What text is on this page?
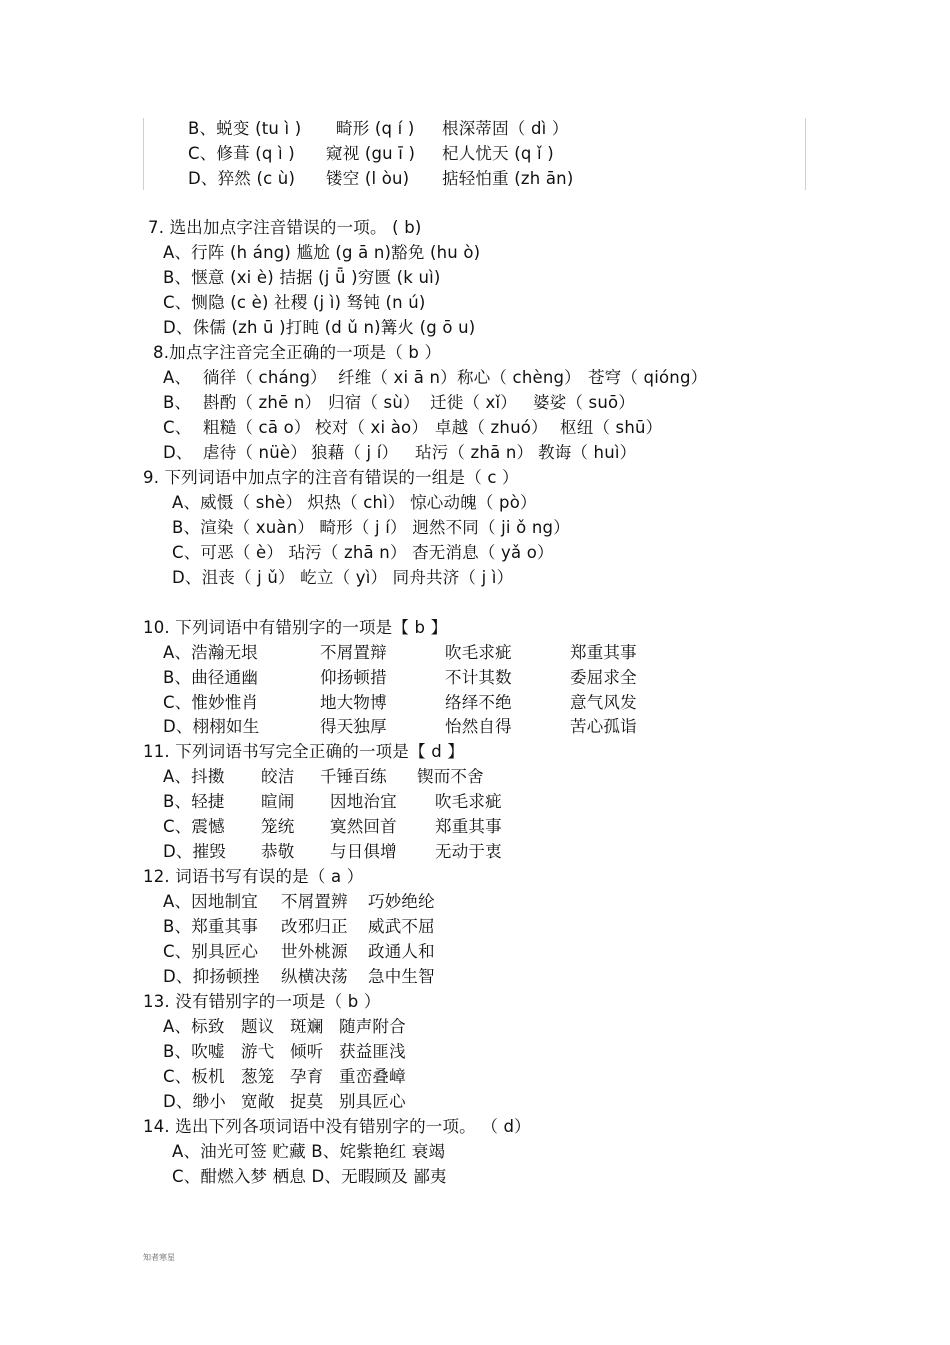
B、蜕变 (tu ì ) 畸形 (q í ) 根深蒂固（ dì ）
C、修葺 (q ì ) 窥视 (gu ī ) 杞人忧天 (q ǐ )
D、猝然 (c ù) 镂空 (l òu) 掂轻怕重 (zh ān)
7. 选出加点字注音错误的一项。 ( b)
A、行阵 (h áng) 尴尬 (g ā n)豁免 (hu ò)
B、惬意 (xi è) 拮据 (j ǖ )穷匮 (k uì)
C、恻隐 (c è) 社稷 (j ì) 驽钝 (n ú)
D、侏儒 (zh ū )打盹 (d ǔ n)篝火 (g ō u)
8.加点字注音完全正确的一项是（ b ）
A、 徜徉（ cháng） 纤维（ xi ā n） 称心（ chèng） 苍穹（ qióng）
B、 斟酌（ zhē n） 归宿（ sù） 迁徙（ xǐ） 婆娑（ suō）
C、 粗糙（ cā o） 校对（ xi ào） 卓越（ zhuó） 枢纽（ shū）
D、 虐待（ nüè） 狼藉（ j í） 玷污（ zhā n） 教诲（ huì）
9. 下列词语中加点字的注音有错误的一组是（ c ）
A、威慑（ shè） 炽热（ chì） 惊心动魄（ pò）
B、渲染（ xuàn） 畸形（ j í） 迥然不同（ ji ǒ ng）
C、可恶（ è） 玷污（ zhā n） 杳无消息（ yǎ o）
D、沮丧（ j ǔ） 屹立（ yì） 同舟共济（ j ì）
10. 下列词语中有错别字的一项是【 b 】
A、浩瀚无垠	不屑置辩	吹毛求疵	郑重其事
B、曲径通幽	仰扬顿措	不计其数	委屈求全
C、惟妙惟肖	地大物博	络绎不绝	意气风发
D、栩栩如生	得天独厚	怡然自得	苦心孤诣
11. 下列词语书写完全正确的一项是【 d 】
A、抖擞 皎洁 千锤百练 锲而不舍
B、轻捷 暄闹 因地治宜 吹毛求疵
C、震憾 笼统 寞然回首 郑重其事
D、摧毁 恭敬 与日俱增 无动于衷
12. 词语书写有误的是（ a ）
A、因地制宜 不屑置辨 巧妙绝纶
B、郑重其事 改邪归正 威武不屈
C、别具匠心 世外桃源 政通人和
D、抑扬顿挫 纵横决荡 急中生智
13. 没有错别字的一项是（ b ）
A、标致 题议 斑斓 随声附合
B、吹嘘 游弋 倾听 获益匪浅
C、板机 葱笼 孕育 重峦叠嶂
D、缈小 宽敞 捉莫 别具匠心
14. 选出下列各项词语中没有错别字的一项。 （ d）
A、油光可签 贮藏 B、姹紫艳红 衰竭
C、酣燃入梦 栖息 D、无暇顾及 鄙夷
知者寒星
